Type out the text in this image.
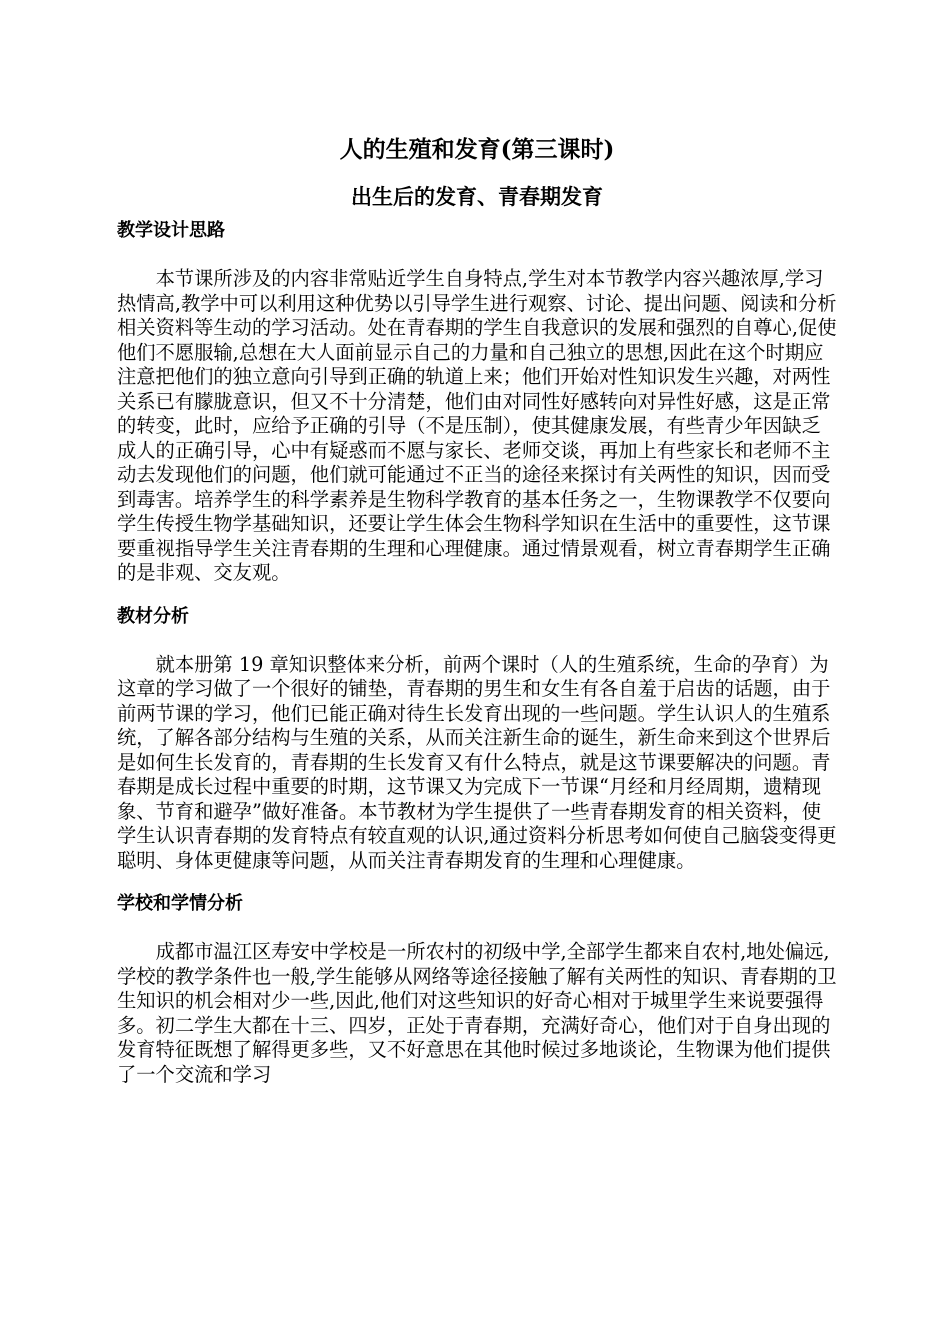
人的生殖和发育(第三课时)
出生后的发育、青春期发育
教学设计思路

本节课所涉及的内容非常贴近学生自身特点,学生对本节教学内容兴趣浓厚,学习热情高,教学中可以利用这种优势以引导学生进行观察、讨论、提出问题、阅读和分析相关资料等生动的学习活动。处在青春期的学生自我意识的发展和强烈的自尊心,促使他们不愿服输,总想在大人面前显示自己的力量和自己独立的思想,因此在这个时期应注意把他们的独立意向引导到正确的轨道上来；他们开始对性知识发生兴趣，对两性关系已有朦胧意识，但又不十分清楚，他们由对同性好感转向对异性好感，这是正常的转变，此时，应给予正确的引导（不是压制），使其健康发展，有些青少年因缺乏成人的正确引导，心中有疑惑而不愿与家长、老师交谈，再加上有些家长和老师不主动去发现他们的问题，他们就可能通过不正当的途径来探讨有关两性的知识，因而受到毒害。培养学生的科学素养是生物科学教育的基本任务之一，生物课教学不仅要向学生传授生物学基础知识，还要让学生体会生物科学知识在生活中的重要性，这节课要重视指导学生关注青春期的生理和心理健康。通过情景观看，树立青春期学生正确的是非观、交友观。

教材分析

就本册第 19 章知识整体来分析，前两个课时（人的生殖系统，生命的孕育）为这章的学习做了一个很好的铺垫，青春期的男生和女生有各自羞于启齿的话题，由于前两节课的学习，他们已能正确对待生长发育出现的一些问题。学生认识人的生殖系统，了解各部分结构与生殖的关系，从而关注新生命的诞生，新生命来到这个世界后是如何生长发育的，青春期的生长发育又有什么特点，就是这节课要解决的问题。青春期是成长过程中重要的时期，这节课又为完成下一节课“月经和月经周期，遗精现象、节育和避孕”做好准备。本节教材为学生提供了一些青春期发育的相关资料，使学生认识青春期的发育特点有较直观的认识,通过资料分析思考如何使自己脑袋变得更聪明、身体更健康等问题，从而关注青春期发育的生理和心理健康。

学校和学情分析

成都市温江区寿安中学校是一所农村的初级中学,全部学生都来自农村,地处偏远,学校的教学条件也一般,学生能够从网络等途径接触了解有关两性的知识、青春期的卫生知识的机会相对少一些,因此,他们对这些知识的好奇心相对于城里学生来说要强得多。初二学生大都在十三、四岁，正处于青春期，充满好奇心，他们对于自身出现的发育特征既想了解得更多些，又不好意思在其他时候过多地谈论，生物课为他们提供了一个交流和学习
